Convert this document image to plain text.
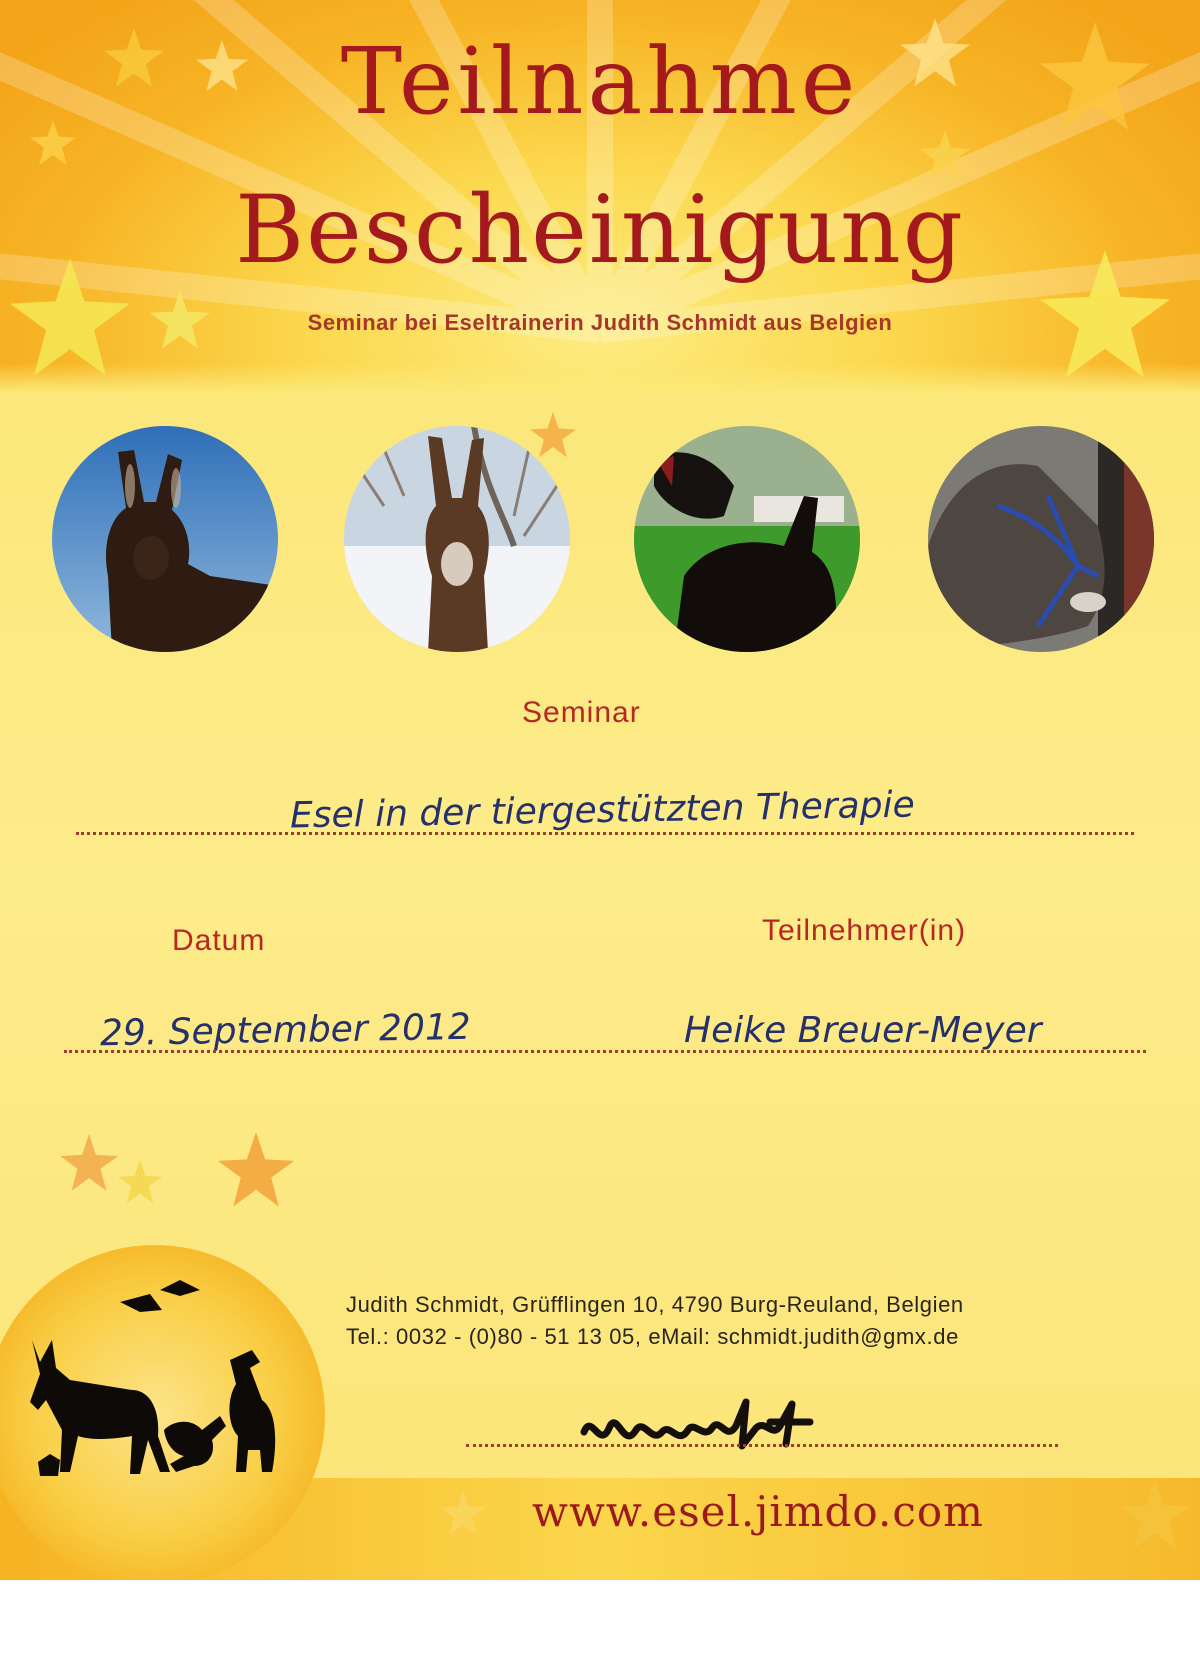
Teilnahme
Bescheinigung
Seminar bei Eseltrainerin Judith Schmidt aus Belgien
Seminar
Esel in der tiergestützten Therapie
Datum	Teilnehmer(in)
29. September 2012	Heike Breuer-Meyer
Judith Schmidt, Grüfflingen 10, 4790 Burg-Reuland, Belgien
Tel.: 0032 - (0)80 - 51 13 05, eMail: schmidt.judith@gmx.de
www.esel.jimdo.com
